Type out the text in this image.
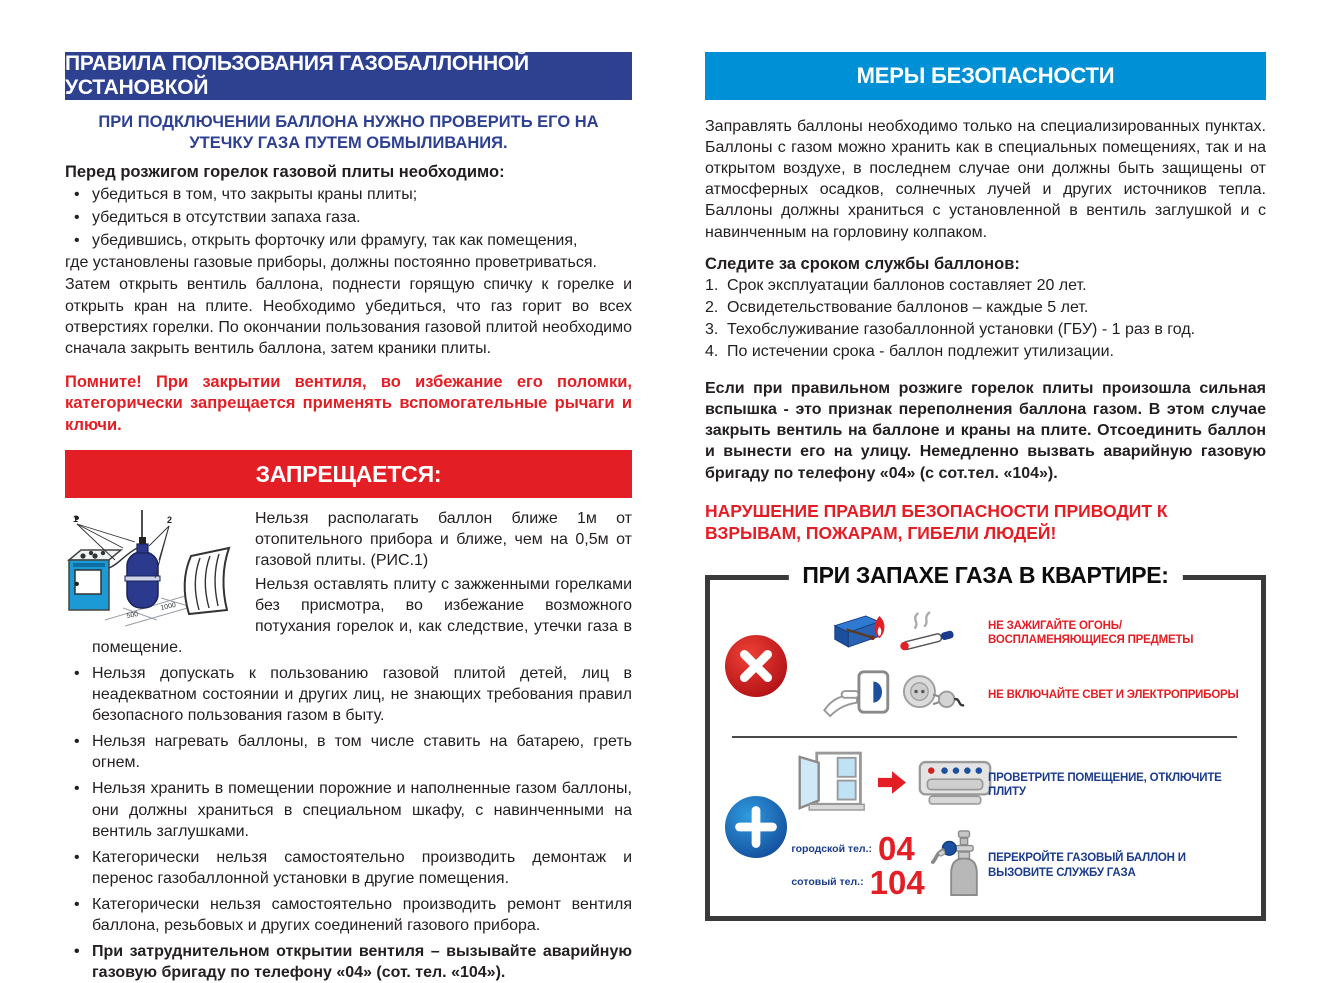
ПРАВИЛА ПОЛЬЗОВАНИЯ ГАЗОБАЛЛОННОЙ УСТАНОВКОЙ
ПРИ ПОДКЛЮЧЕНИИ БАЛЛОНА НУЖНО ПРОВЕРИТЬ ЕГО НА УТЕЧКУ ГАЗА ПУТЕМ ОБМЫЛИВАНИЯ.
Перед розжигом горелок газовой плиты необходимо:
• убедиться в том, что закрыты краны плиты;
• убедиться в отсутствии запаха газа.
• убедившись, открыть форточку или фрамугу, так как помещения,
где установлены газовые приборы, должны постоянно проветриваться.
Затем открыть вентиль баллона, поднести горящую спичку к горелке и открыть кран на плите. Необходимо убедиться, что газ горит во всех отверстиях горелки. По окончании пользования газовой плитой необходимо сначала закрыть вентиль баллона, затем краники плиты.
Помните! При закрытии вентиля, во избежание его поломки, категорически запрещается применять вспомогательные рычаги и ключи.
ЗАПРЕЩАЕТСЯ:
1	2
500
1000
• Нельзя располагать баллон ближе 1м от отопительного прибора и ближе, чем на 0,5м от газовой плиты. (РИС.1)
• Нельзя оставлять плиту с зажженными горелками без присмотра, во избежание возможного потухания горелок и, как следствие, утечки газа в помещение.
• Нельзя допускать к пользованию газовой плитой детей, лиц в неадекватном состоянии и других лиц, не знающих требования правил безопасного пользования газом в быту.
• Нельзя нагревать баллоны, в том числе ставить на батарею, греть огнем.
• Нельзя хранить в помещении порожние и наполненные газом баллоны, они должны храниться в специальном шкафу, с навинченными на вентиль заглушками.
• Категорически нельзя самостоятельно производить демонтаж и перенос газобаллонной установки в другие помещения.
• Категорически нельзя самостоятельно производить ремонт вентиля баллона, резьбовых и других соединений газового прибора.
• При затруднительном открытии вентиля – вызывайте аварийную газовую бригаду по телефону «04» (сот. тел. «104»).
МЕРЫ БЕЗОПАСНОСТИ
Заправлять баллоны необходимо только на специализированных пунктах. Баллоны с газом можно хранить как в специальных помещениях, так и на открытом воздухе, в последнем случае они должны быть защищены от атмосферных осадков, солнечных лучей и других источников тепла. Баллоны должны храниться с установленной в вентиль заглушкой и с навинченным на горловину колпаком.
Следите за сроком службы баллонов:
1. Срок эксплуатации баллонов составляет 20 лет.
2. Освидетельствование баллонов – каждые 5 лет.
3. Техобслуживание газобаллонной установки (ГБУ) - 1 раз в год.
4. По истечении срока - баллон подлежит утилизации.
Если при правильном розжиге горелок плиты произошла сильная вспышка - это признак переполнения баллона газом. В этом случае закрыть вентиль на баллоне и краны на плите. Отсоединить баллон и вынести его на улицу. Немедленно вызвать аварийную газовую бригаду по телефону «04» (с сот.тел. «104»).
НАРУШЕНИЕ ПРАВИЛ БЕЗОПАСНОСТИ ПРИВОДИТ К ВЗРЫВАМ, ПОЖАРАМ, ГИБЕЛИ ЛЮДЕЙ!
ПРИ ЗАПАХЕ ГАЗА В КВАРТИРЕ:
НЕ ЗАЖИГАЙТЕ ОГОНЬ/ВОСПЛАМЕНЯЮЩИЕСЯ ПРЕДМЕТЫ
НЕ ВКЛЮЧАЙТЕ СВЕТ И ЭЛЕКТРОПРИБОРЫ
ПРОВЕТРИТЕ ПОМЕЩЕНИЕ, ОТКЛЮЧИТЕ ПЛИТУ
городской тел.: 04
сотовый тел.: 104
ПЕРЕКРОЙТЕ ГАЗОВЫЙ БАЛЛОН И ВЫЗОВИТЕ СЛУЖБУ ГАЗА
